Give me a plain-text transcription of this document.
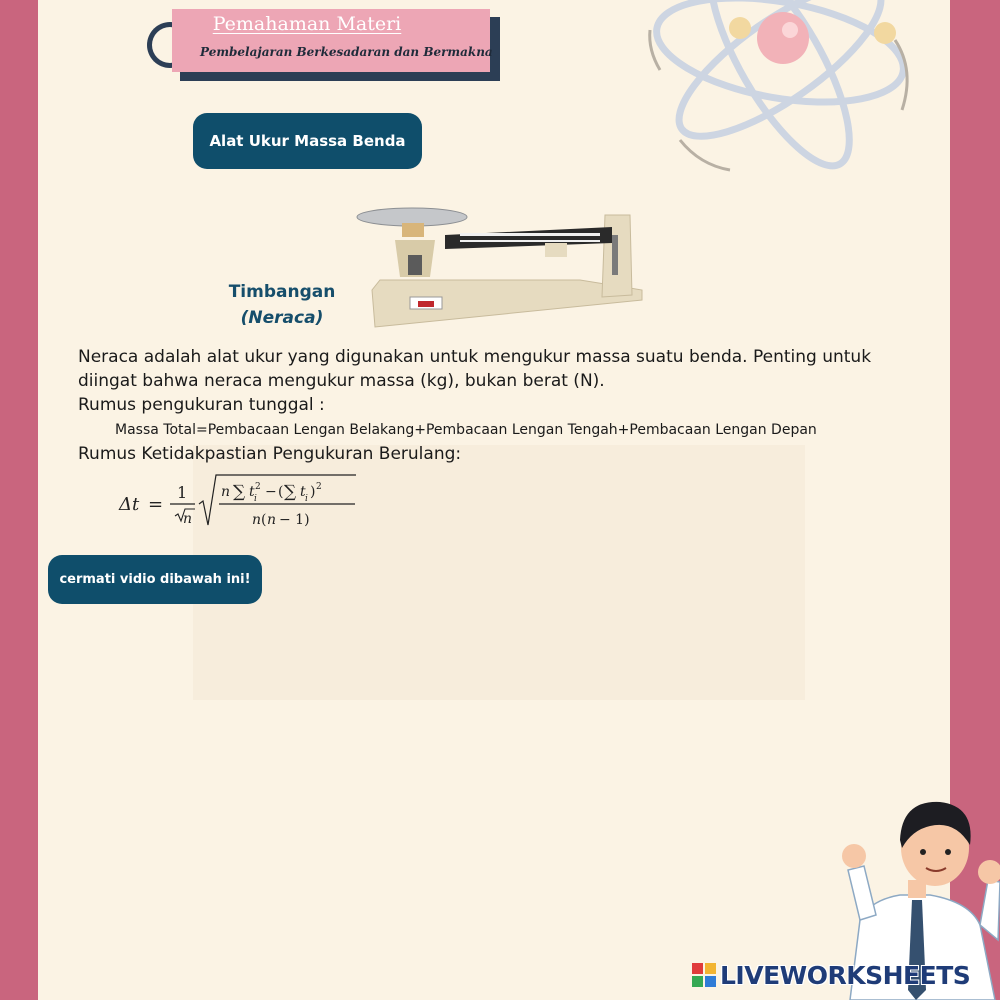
Pemahaman Materi
Pembelajaran Berkesadaran dan Bermakna
Alat Ukur Massa Benda
Timbangan
(Neraca)
Neraca adalah alat ukur yang digunakan untuk mengukur massa suatu benda. Penting untuk diingat bahwa neraca mengukur massa (kg), bukan berat (N).
Rumus pengukuran tunggal :
Massa Total=Pembacaan Lengan Belakang+Pembacaan Lengan Tengah+Pembacaan Lengan Depan
Rumus Ketidakpastian Pengukuran Berulang:
Δt =
1
n
n ∑ t i
2 − ( ∑ t i ) 2
n ( n − 1)
cermati vidio dibawah ini!
LIVEWORKSHEETS
